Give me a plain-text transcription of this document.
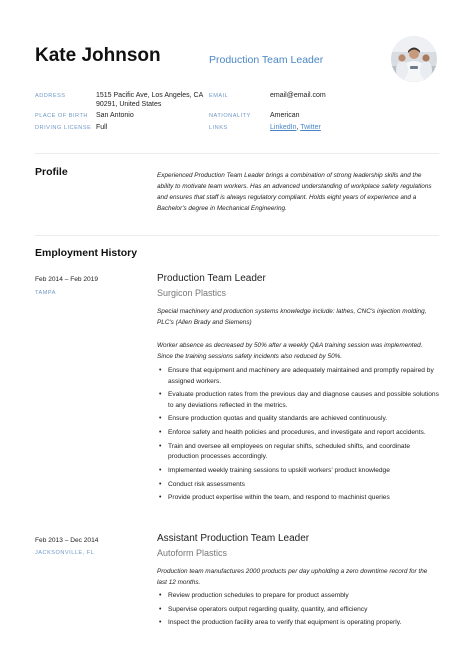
Kate Johnson	Production Team Leader
ADDRESS	1515 Pacific Ave, Los Angeles, CA
90291, United States
EMAIL	email@email.com
PLACE OF BIRTH San Antonio	NATIONALITY	American
DRIVING LICENSE Full	LINKS	LinkedIn, Twitter
Profile	Experienced Production Team Leader brings a combination of strong leadership skills and the ability to motivate team workers. Has an advanced understanding of workplace safety regulations and ensures that staff is always regulatory compliant. Holds eight years of experience and a Bachelor's degree in Mechanical Engineering.
Employment History
Feb 2014 – Feb 2019
TAMPA
Production Team Leader
Surgicon Plastics
Special machinery and production systems knowledge include: lathes, CNC's injection molding, PLC's (Allen Brady and Siemens)
Worker absence as decreased by 50% after a weekly Q&A training session was implemented. Since the training sessions safety incidents also reduced by 50%.
• Ensure that equipment and machinery are adequately maintained and promptly repaired by assigned workers.
• Evaluate production rates from the previous day and diagnose causes and possible solutions to any deviations reflected in the metrics.
• Ensure production quotas and quality standards are achieved continuously.
• Enforce safety and health policies and procedures, and investigate and report accidents.
• Train and oversee all employees on regular shifts, scheduled shifts, and coordinate production processes accordingly.
• Implemented weekly training sessions to upskill workers' product knowledge
• Conduct risk assessments
• Provide product expertise within the team, and respond to machinist queries
Feb 2013 – Dec 2014
JACKSONVILLE, FL
Assistant Production Team Leader
Autoform Plastics
Production team manufactures 2000 products per day upholding a zero downtime record for the last 12 months.
• Review production schedules to prepare for product assembly
• Supervise operators output regarding quality, quantity, and efficiency
• Inspect the production facility area to verify that equipment is operating properly.
